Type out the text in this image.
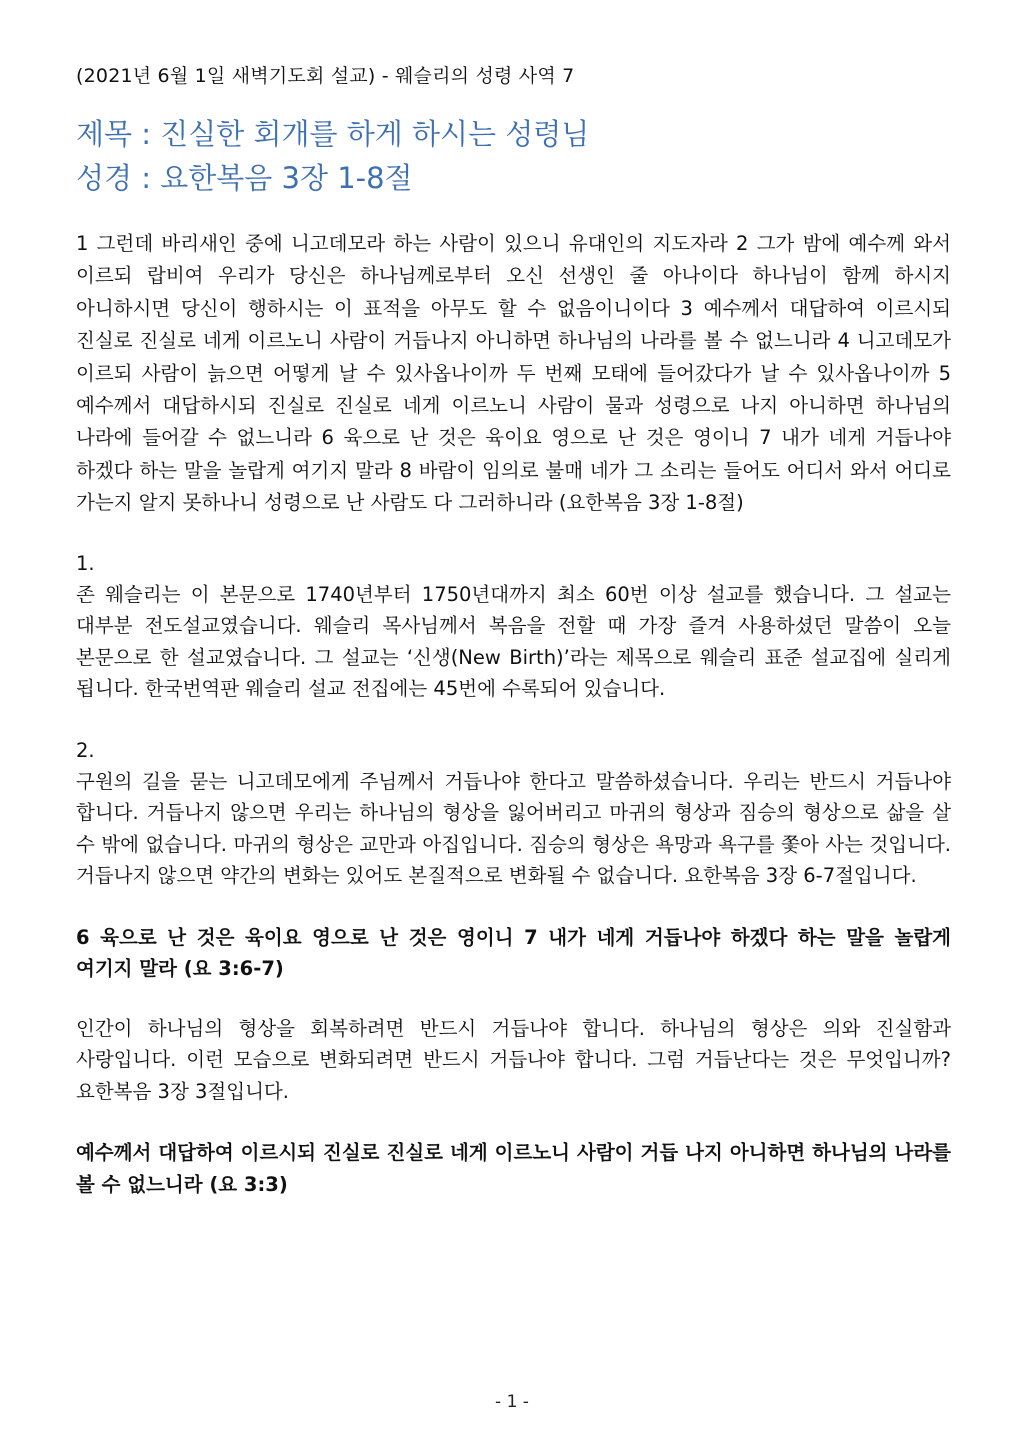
(2021년 6월 1일 새벽기도회 설교) - 웨슬리의 성령 사역 7
제목 : 진실한 회개를 하게 하시는 성령님
성경 : 요한복음 3장 1-8절
1 그런데 바리새인 중에 니고데모라 하는 사람이 있으니 유대인의 지도자라 2 그가 밤에 예수께 와서 이르되 랍비여 우리가 당신은 하나님께로부터 오신 선생인 줄 아나이다 하나님이 함께 하시지 아니하시면 당신이 행하시는 이 표적을 아무도 할 수 없음이니이다 3 예수께서 대답하여 이르시되 진실로 진실로 네게 이르노니 사람이 거듭나지 아니하면 하나님의 나라를 볼 수 없느니라 4 니고데모가 이르되 사람이 늙으면 어떻게 날 수 있사옵나이까 두 번째 모태에 들어갔다가 날 수 있사옵나이까 5 예수께서 대답하시되 진실로 진실로 네게 이르노니 사람이 물과 성령으로 나지 아니하면 하나님의 나라에 들어갈 수 없느니라 6 육으로 난 것은 육이요 영으로 난 것은 영이니 7 내가 네게 거듭나야 하겠다 하는 말을 놀랍게 여기지 말라 8 바람이 임의로 불매 네가 그 소리는 들어도 어디서 와서 어디로 가는지 알지 못하나니 성령으로 난 사람도 다 그러하니라 (요한복음 3장 1-8절)
1.
존 웨슬리는 이 본문으로 1740년부터 1750년대까지 최소 60번 이상 설교를 했습니다. 그 설교는 대부분 전도설교였습니다. 웨슬리 목사님께서 복음을 전할 때 가장 즐겨 사용하셨던 말씀이 오늘 본문으로 한 설교였습니다. 그 설교는 ‘신생(New Birth)’라는 제목으로 웨슬리 표준 설교집에 실리게 됩니다. 한국번역판 웨슬리 설교 전집에는 45번에 수록되어 있습니다.
2.
구원의 길을 묻는 니고데모에게 주님께서 거듭나야 한다고 말씀하셨습니다. 우리는 반드시 거듭나야 합니다. 거듭나지 않으면 우리는 하나님의 형상을 잃어버리고 마귀의 형상과 짐승의 형상으로 삶을 살 수 밖에 없습니다. 마귀의 형상은 교만과 아집입니다. 짐승의 형상은 욕망과 욕구를 쫓아 사는 것입니다. 거듭나지 않으면 약간의 변화는 있어도 본질적으로 변화될 수 없습니다. 요한복음 3장 6-7절입니다.
6 육으로 난 것은 육이요 영으로 난 것은 영이니 7 내가 네게 거듭나야 하겠다 하는 말을 놀랍게 여기지 말라 (요 3:6-7)
인간이 하나님의 형상을 회복하려면 반드시 거듭나야 합니다. 하나님의 형상은 의와 진실함과 사랑입니다. 이런 모습으로 변화되려면 반드시 거듭나야 합니다. 그럼 거듭난다는 것은 무엇입니까? 요한복음 3장 3절입니다.
예수께서 대답하여 이르시되 진실로 진실로 네게 이르노니 사람이 거듭 나지 아니하면 하나님의 나라를 볼 수 없느니라 (요 3:3)
- 1 -
